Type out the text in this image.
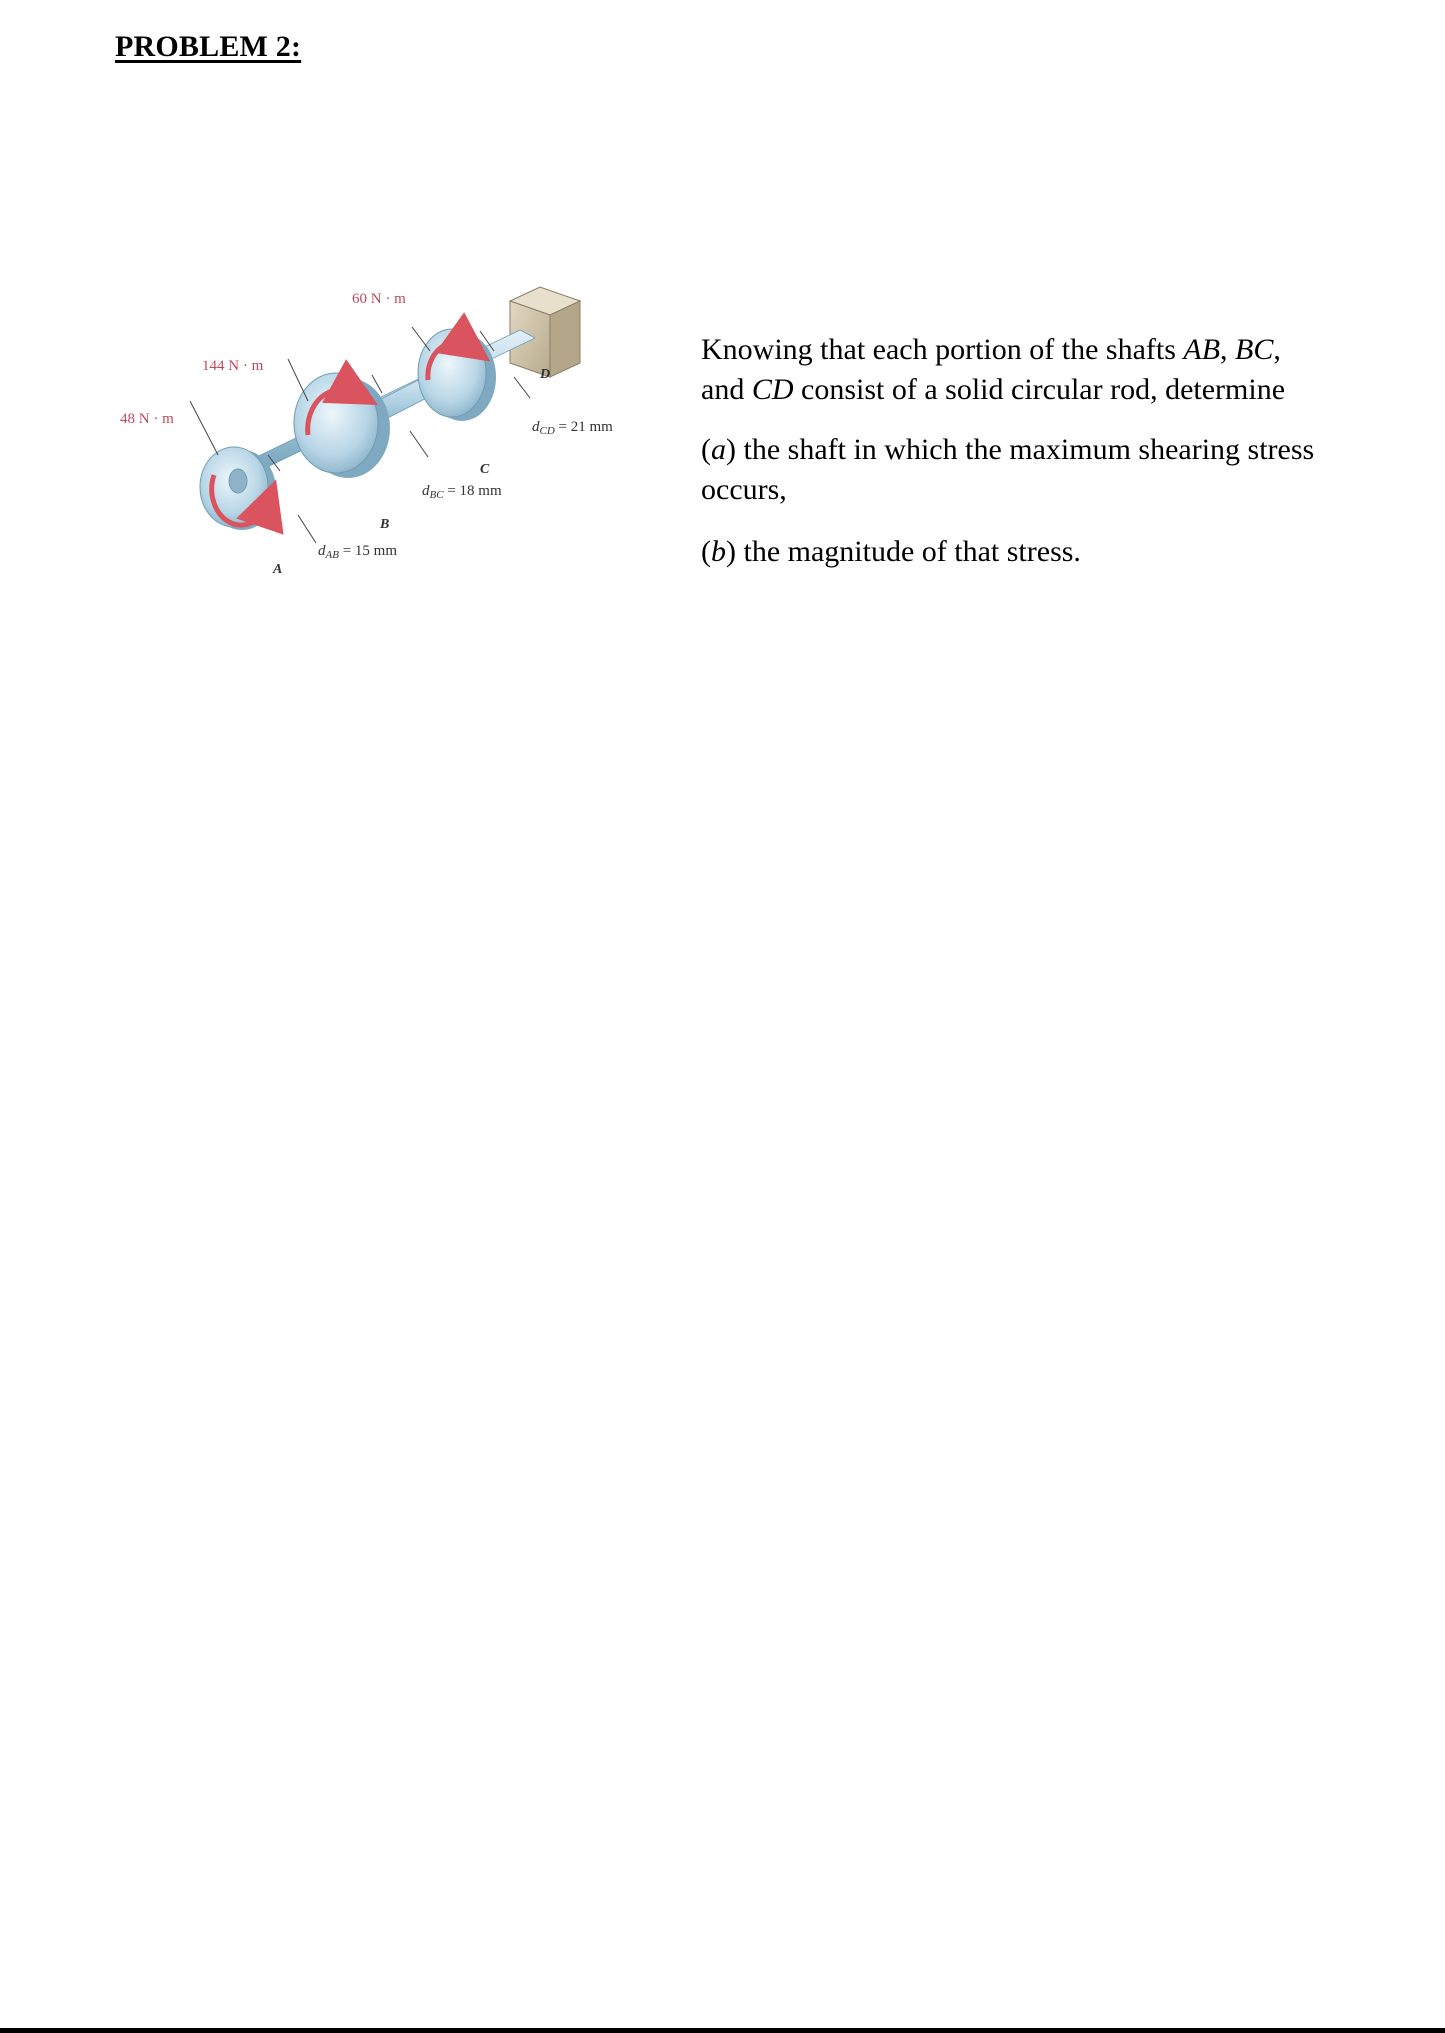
PROBLEM 2:
60 N · m
144 N · m
48 N · m
D
C
B
A
$d_{CD} = 21$ mm
$d_{BC} = 18$ mm
$d_{AB} = 15$ mm

Knowing that each portion of the shafts AB, BC,
and CD consist of a solid circular rod, determine

(a) the shaft in which the maximum shearing stress occurs,

(b) the magnitude of that stress.
